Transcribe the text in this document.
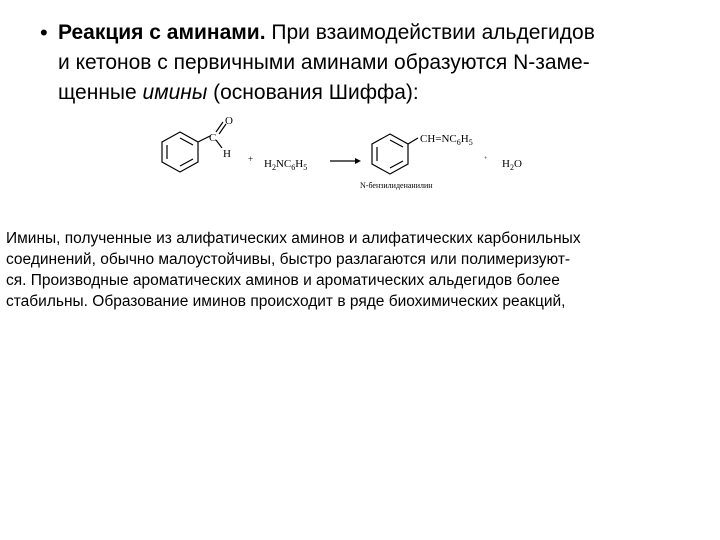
• Реакция с аминами. При взаимодействии альдегидов
и кетонов с первичными аминами образуются N-заме-
щенные имины (основания Шиффа):
O
C
$H + H_2NC_6H_5$
$CH=NC_6H_5$
+ $H_2O$
N-бензилиденанилин
Имины, полученные из алифатических аминов и алифатических карбонильных
соединений, обычно малоустойчивы, быстро разлагаются или полимеризуют-
ся. Производные ароматических аминов и ароматических альдегидов более
стабильны. Образование иминов происходит в ряде биохимических реакций,
